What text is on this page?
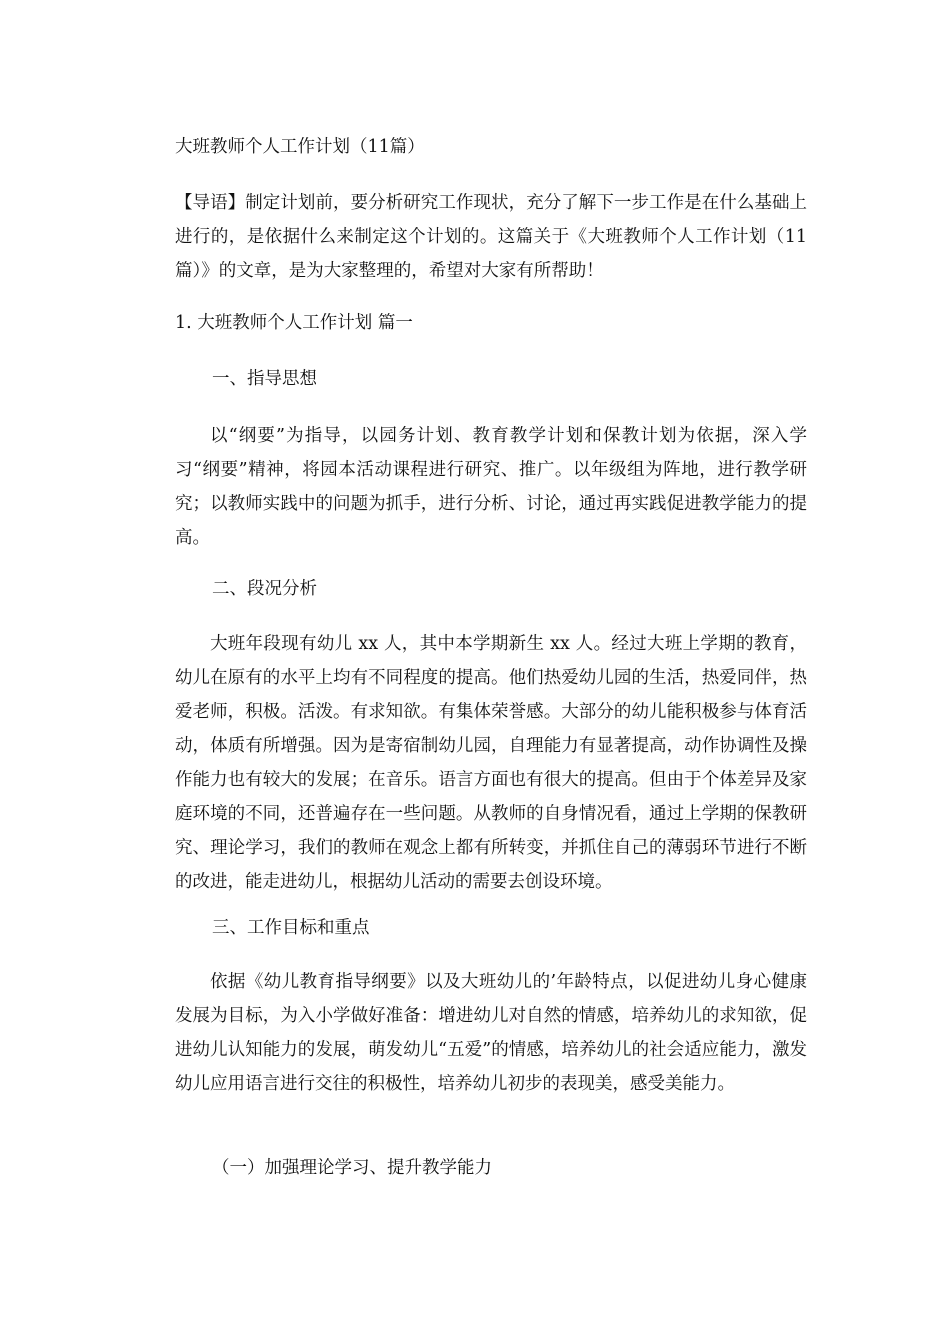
大班教师个人工作计划（11篇）
【导语】制定计划前，要分析研究工作现状，充分了解下一步工作是在什么基础上进行的，是依据什么来制定这个计划的。这篇关于《大班教师个人工作计划（11篇）》的文章，是为大家整理的，希望对大家有所帮助！
1. 大班教师个人工作计划 篇一
一、指导思想
以“纲要”为指导，以园务计划、教育教学计划和保教计划为依据，深入学习“纲要”精神，将园本活动课程进行研究、推广。以年级组为阵地，进行教学研究；以教师实践中的问题为抓手，进行分析、讨论，通过再实践促进教学能力的提高。
二、段况分析
大班年段现有幼儿 xx 人，其中本学期新生 xx 人。经过大班上学期的教育，幼儿在原有的水平上均有不同程度的提高。他们热爱幼儿园的生活，热爱同伴，热爱老师，积极。活泼。有求知欲。有集体荣誉感。大部分的幼儿能积极参与体育活动，体质有所增强。因为是寄宿制幼儿园，自理能力有显著提高，动作协调性及操作能力也有较大的发展；在音乐。语言方面也有很大的提高。但由于个体差异及家庭环境的不同，还普遍存在一些问题。从教师的自身情况看，通过上学期的保教研究、理论学习，我们的教师在观念上都有所转变，并抓住自己的薄弱环节进行不断的改进，能走进幼儿，根据幼儿活动的需要去创设环境。
三、工作目标和重点
依据《幼儿教育指导纲要》以及大班幼儿的’年龄特点，以促进幼儿身心健康发展为目标，为入小学做好准备：增进幼儿对自然的情感，培养幼儿的求知欲，促进幼儿认知能力的发展，萌发幼儿“五爱”的情感，培养幼儿的社会适应能力，激发幼儿应用语言进行交往的积极性，培养幼儿初步的表现美，感受美能力。
（一）加强理论学习、提升教学能力
